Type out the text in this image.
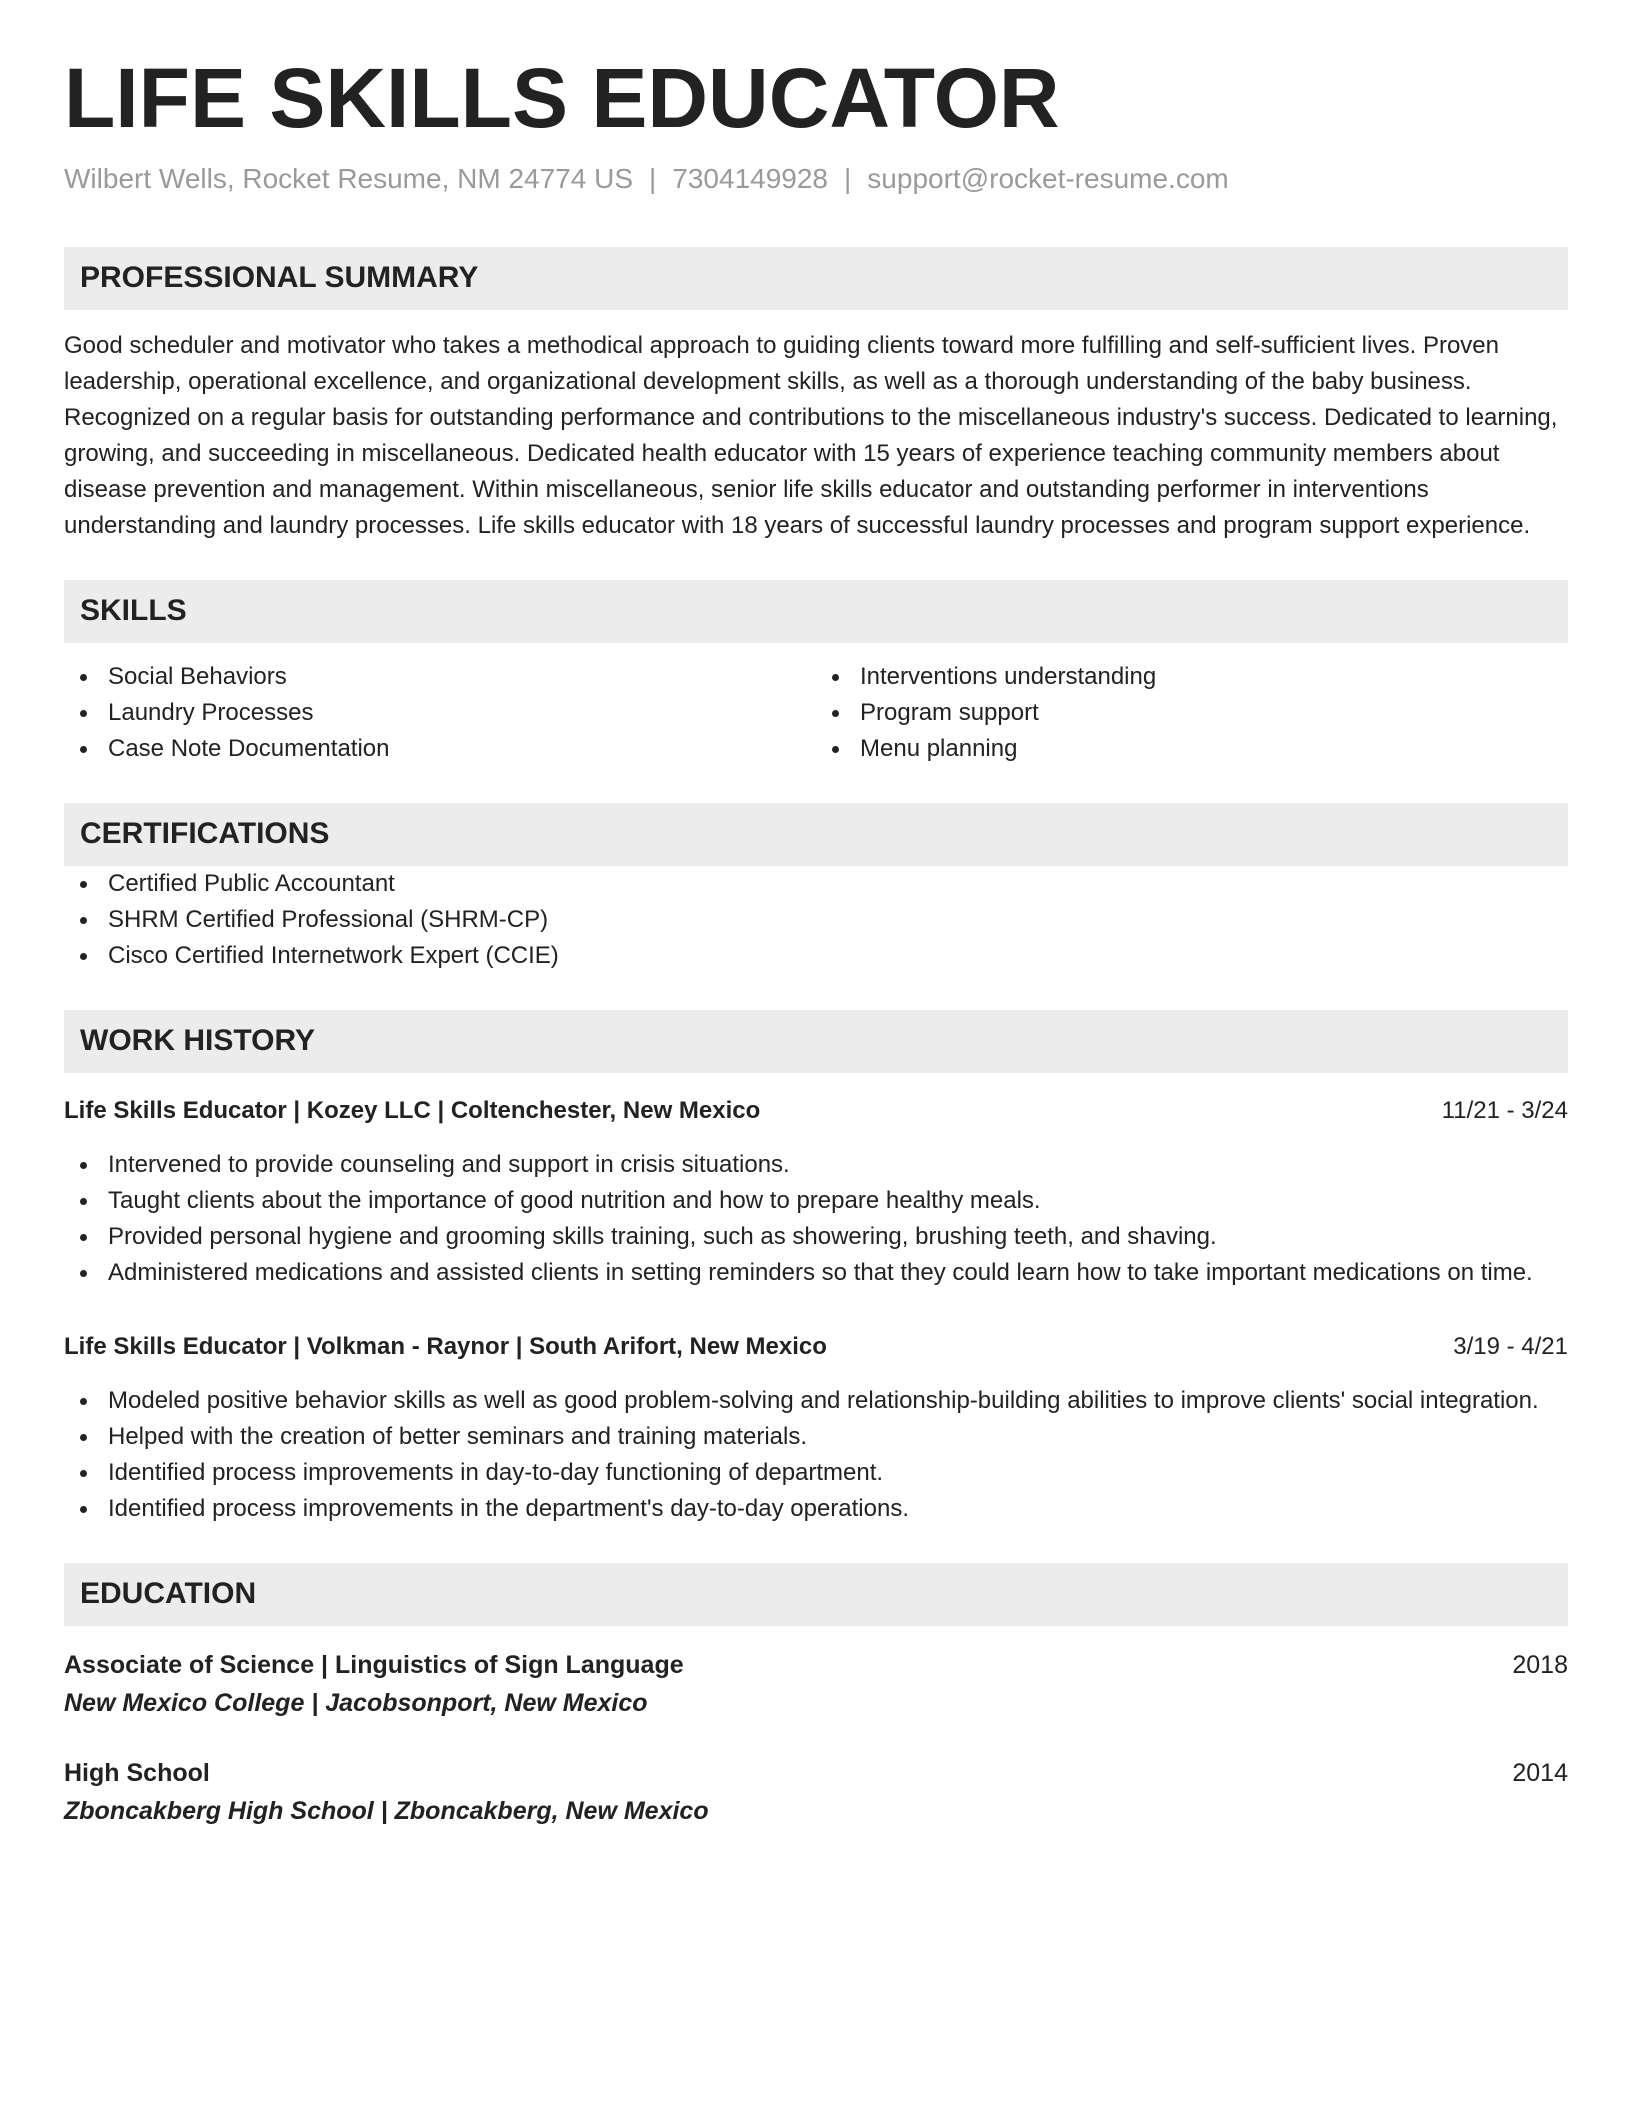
LIFE SKILLS EDUCATOR
Wilbert Wells, Rocket Resume, NM 24774 US | 7304149928 | support@rocket-resume.com
PROFESSIONAL SUMMARY

Good scheduler and motivator who takes a methodical approach to guiding clients toward more fulfilling and self-sufficient lives. Proven leadership, operational excellence, and organizational development skills, as well as a thorough understanding of the baby business. Recognized on a regular basis for outstanding performance and contributions to the miscellaneous industry's success. Dedicated to learning, growing, and succeeding in miscellaneous. Dedicated health educator with 15 years of experience teaching community members about disease prevention and management. Within miscellaneous, senior life skills educator and outstanding performer in interventions understanding and laundry processes. Life skills educator with 18 years of successful laundry processes and program support experience.

SKILLS
Social Behaviors
Laundry Processes
Case Note Documentation
Interventions understanding
Program support
Menu planning
CERTIFICATIONS
Certified Public Accountant
SHRM Certified Professional (SHRM-CP)
Cisco Certified Internetwork Expert (CCIE)
WORK HISTORY
Life Skills Educator | Kozey LLC | Coltenchester, New Mexico	11/21 - 3/24
Intervened to provide counseling and support in crisis situations.
Taught clients about the importance of good nutrition and how to prepare healthy meals.
Provided personal hygiene and grooming skills training, such as showering, brushing teeth, and shaving.
Administered medications and assisted clients in setting reminders so that they could learn how to take important medications on time.
Life Skills Educator | Volkman - Raynor | South Arifort, New Mexico	3/19 - 4/21
Modeled positive behavior skills as well as good problem-solving and relationship-building abilities to improve clients' social integration.
Helped with the creation of better seminars and training materials.
Identified process improvements in day-to-day functioning of department.
Identified process improvements in the department's day-to-day operations.
EDUCATION
Associate of Science | Linguistics of Sign Language	2018
New Mexico College | Jacobsonport, New Mexico
High School	2014
Zboncakberg High School | Zboncakberg, New Mexico
